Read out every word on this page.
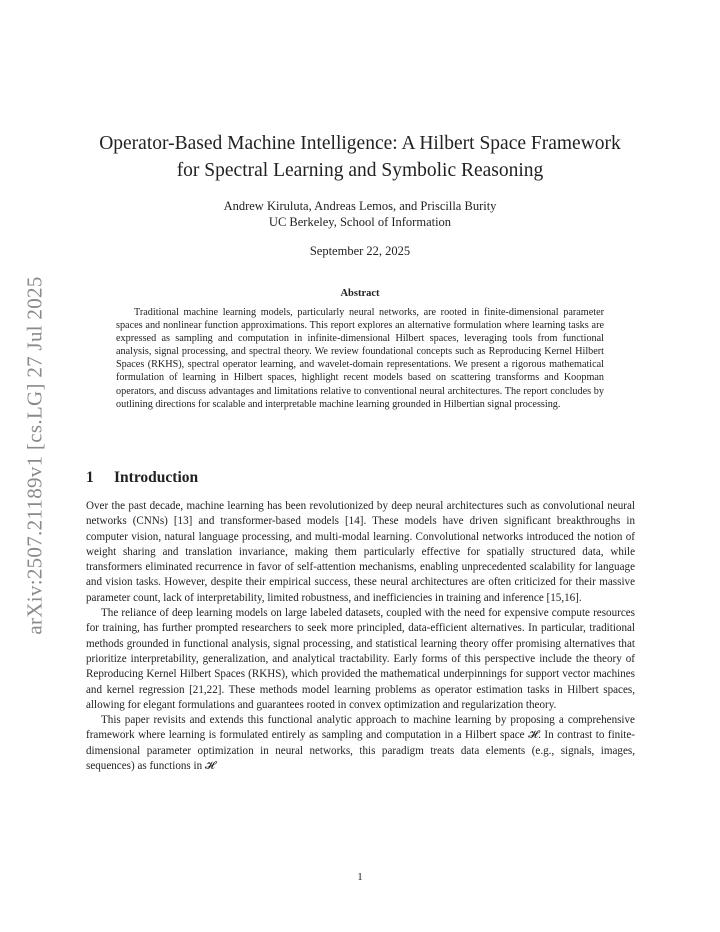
arXiv:2507.21189v1 [cs.LG] 27 Jul 2025
Operator-Based Machine Intelligence: A Hilbert Space Framework
for Spectral Learning and Symbolic Reasoning
Andrew Kiruluta, Andreas Lemos, and Priscilla Burity
UC Berkeley, School of Information
September 22, 2025
Abstract

Traditional machine learning models, particularly neural networks, are rooted in finite-dimensional parameter spaces and nonlinear function approximations. This report explores an alternative formulation where learning tasks are expressed as sampling and computation in infinite-dimensional Hilbert spaces, leveraging tools from functional analysis, signal processing, and spectral theory. We review foundational concepts such as Reproducing Kernel Hilbert Spaces (RKHS), spectral operator learning, and wavelet-domain representations. We present a rigorous mathematical formulation of learning in Hilbert spaces, highlight recent models based on scattering transforms and Koopman operators, and discuss advantages and limitations relative to conventional neural architectures. The report concludes by outlining directions for scalable and interpretable machine learning grounded in Hilbertian signal processing.

1 Introduction

Over the past decade, machine learning has been revolutionized by deep neural architectures such as convolutional neural networks (CNNs) [13] and transformer-based models [14]. These models have driven significant breakthroughs in computer vision, natural language processing, and multi-modal learning. Convolutional networks introduced the notion of weight sharing and translation invariance, making them particularly effective for spatially structured data, while transformers eliminated recurrence in favor of self-attention mechanisms, enabling unprecedented scalability for language and vision tasks. However, despite their empirical success, these neural architectures are often criticized for their massive parameter count, lack of interpretability, limited robustness, and inefficiencies in training and inference [15,16].

The reliance of deep learning models on large labeled datasets, coupled with the need for expensive compute resources for training, has further prompted researchers to seek more principled, data-efficient alternatives. In particular, traditional methods grounded in functional analysis, signal processing, and statistical learning theory offer promising alternatives that prioritize interpretability, generalization, and analytical tractability. Early forms of this perspective include the theory of Reproducing Kernel Hilbert Spaces (RKHS), which provided the mathematical underpinnings for support vector machines and kernel regression [21,22]. These methods model learning problems as operator estimation tasks in Hilbert spaces, allowing for elegant formulations and guarantees rooted in convex optimization and regularization theory.

This paper revisits and extends this functional analytic approach to machine learning by proposing a comprehensive framework where learning is formulated entirely as sampling and computation in a Hilbert space 𝓗. In contrast to finite-dimensional parameter optimization in neural networks, this paradigm treats data elements (e.g., signals, images, sequences) as functions in 𝓗

1
